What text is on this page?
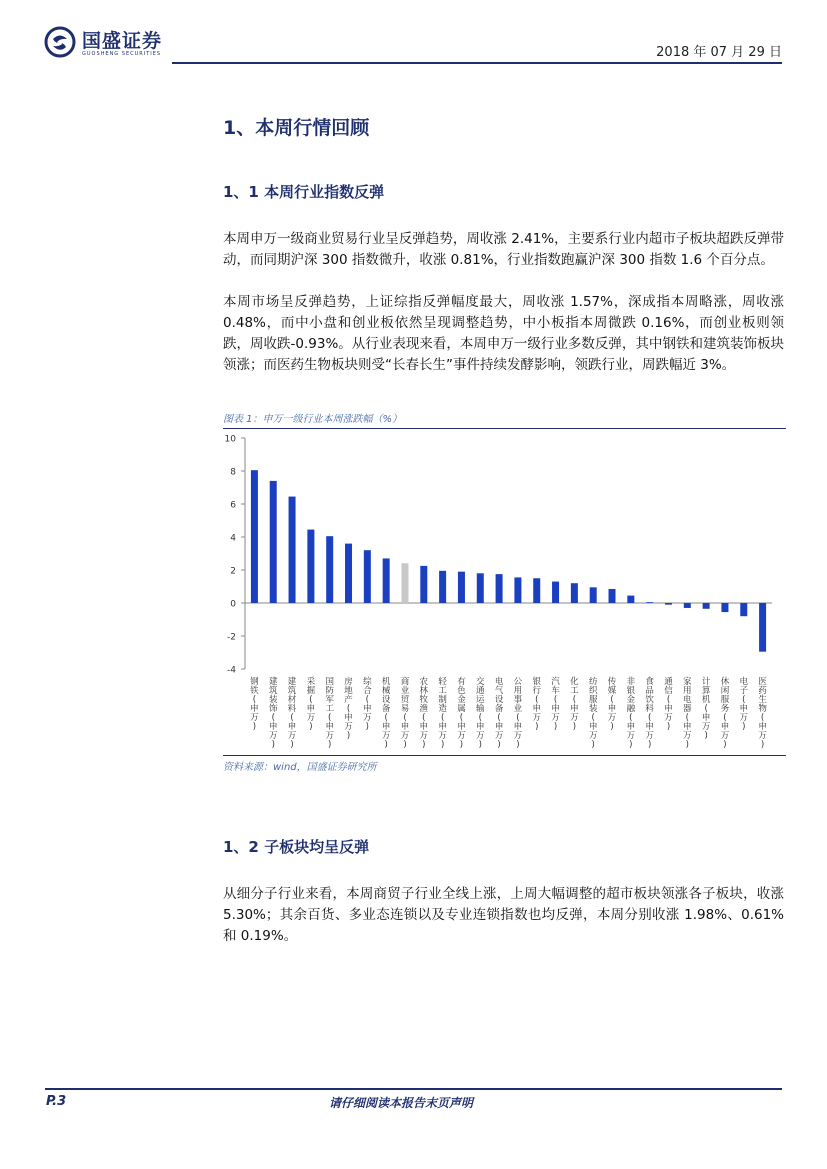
国盛证券
GUOSHENG SECURITIES	2018 年 07 月 29 日
1、本周行情回顾
1、1 本周行业指数反弹

本周申万一级商业贸易行业呈反弹趋势，周收涨 2.41%，主要系行业内超市子板块超跌反弹带动，而同期沪深 300 指数微升，收涨 0.81%，行业指数跑赢沪深 300 指数 1.6 个百分点。

本周市场呈反弹趋势，上证综指反弹幅度最大，周收涨 1.57%，深成指本周略涨，周收涨 0.48%，而中小盘和创业板依然呈现调整趋势，中小板指本周微跌 0.16%，而创业板则领跌，周收跌-0.93%。从行业表现来看，本周申万一级行业多数反弹，其中钢铁和建筑装饰板块领涨；而医药生物板块则受“长春长生”事件持续发酵影响，领跌行业，周跌幅近 3%。

图表 1：申万一级行业本周涨跌幅（%）
-4
-2
0
2
4
6
8
10
钢铁(申万)
建筑装饰(申万)
建筑材料(申万)
采掘(申万)
国防军工(申万)
房地产(申万)
综合(申万)
机械设备(申万)
商业贸易(申万)
农林牧渔(申万)
轻工制造(申万)
有色金属(申万)
交通运输(申万)
电气设备(申万)
公用事业(申万)
银行(申万)
汽车(申万)
化工(申万)
纺织服装(申万)
传媒(申万)
非银金融(申万)
食品饮料(申万)
通信(申万)
家用电器(申万)
计算机(申万)
休闲服务(申万)
电子(申万)
医药生物(申万)
资料来源：wind，国盛证券研究所
1、2 子板块均呈反弹

从细分子行业来看，本周商贸子行业全线上涨，上周大幅调整的超市板块领涨各子板块，收涨 5.30%；其余百货、多业态连锁以及专业连锁指数也均反弹，本周分别收涨 1.98%、0.61%和 0.19%。

P.3	请仔细阅读本报告末页声明
